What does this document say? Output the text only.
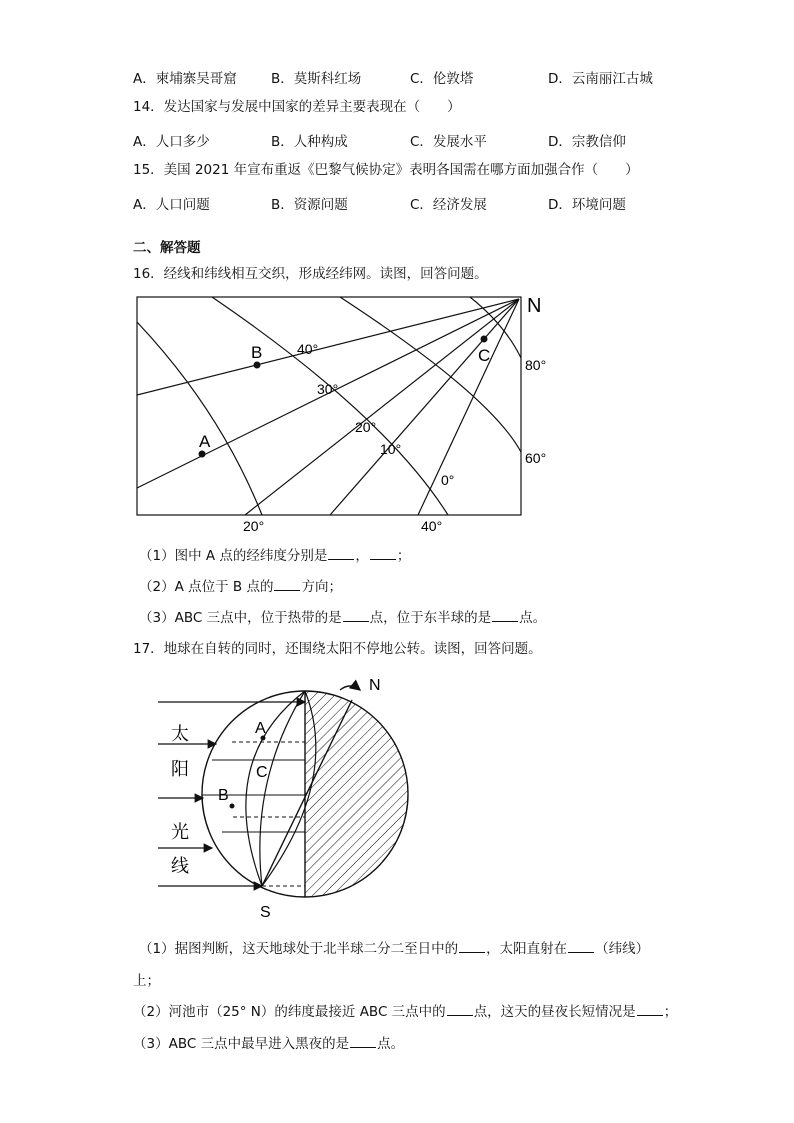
A．柬埔寨吴哥窟	B．莫斯科红场	C．伦敦塔	D．云南丽江古城
14．发达国家与发展中国家的差异主要表现在（　　）
A．人口多少	B．人种构成	C．发展水平	D．宗教信仰
15．美国 2021 年宣布重返《巴黎气候协定》表明各国需在哪方面加强合作（　　）
A．人口问题	B．资源问题	C．经济发展	D．环境问题
二、解答题
16．经线和纬线相互交织，形成经纬网。读图，回答问题。
N
B
A
C
40°
30°
20°
10°
0°
20°	40°
80°
60°
（1）图中 A 点的经纬度分别是 ， ；
（2）A 点位于 B 点的 方向；
（3）ABC 三点中，位于热带的是 点，位于东半球的是 点。
17．地球在自转的同时，还围绕太阳不停地公转。读图，回答问题。
太
阳
光
线
A
C
B
N
S
（1）据图判断，这天地球处于北半球二分二至日中的 ，太阳直射在 （纬线）
上；
（2）河池市（25° N）的纬度最接近 ABC 三点中的 点，这天的昼夜长短情况是 ；
（3）ABC 三点中最早进入黑夜的是 点。
